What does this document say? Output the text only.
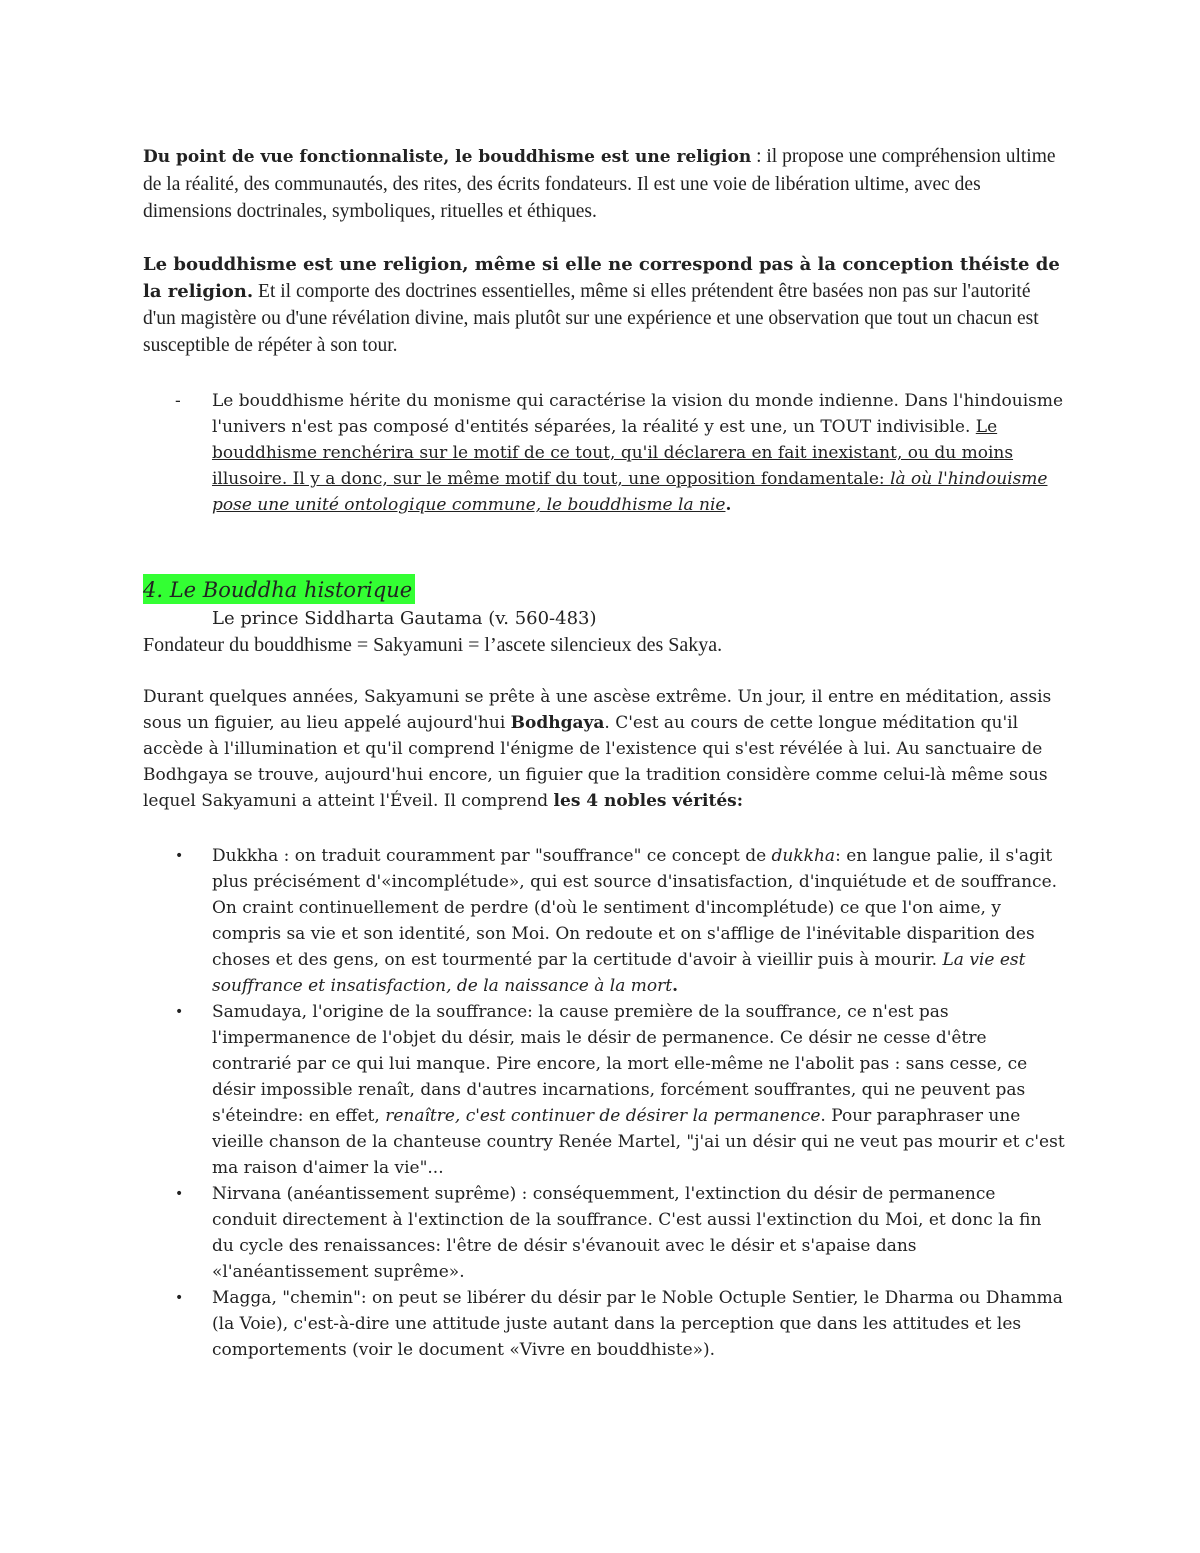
Du point de vue fonctionnaliste, le bouddhisme est une religion : il propose une compréhension ultime de la réalité, des communautés, des rites, des écrits fondateurs. Il est une voie de libération ultime, avec des dimensions doctrinales, symboliques, rituelles et éthiques.

Le bouddhisme est une religion, même si elle ne correspond pas à la conception théiste de la religion. Et il comporte des doctrines essentielles, même si elles prétendent être basées non pas sur l'autorité d'un magistère ou d'une révélation divine, mais plutôt sur une expérience et une observation que tout un chacun est susceptible de répéter à son tour.

- Le bouddhisme hérite du monisme qui caractérise la vision du monde indienne. Dans l'hindouisme l'univers n'est pas composé d'entités séparées, la réalité y est une, un TOUT indivisible. Le bouddhisme renchérira sur le motif de ce tout, qu'il déclarera en fait inexistant, ou du moins illusoire. Il y a donc, sur le même motif du tout, une opposition fondamentale: là où l'hindouisme pose une unité ontologique commune, le bouddhisme la nie.

4. Le Bouddha historique

Le prince Siddharta Gautama (v. 560-483)

Fondateur du bouddhisme = Sakyamuni = l’ascete silencieux des Sakya.

Durant quelques années, Sakyamuni se prête à une ascèse extrême. Un jour, il entre en méditation, assis sous un figuier, au lieu appelé aujourd'hui Bodhgaya. C'est au cours de cette longue méditation qu'il accède à l'illumination et qu'il comprend l'énigme de l'existence qui s'est révélée à lui. Au sanctuaire de Bodhgaya se trouve, aujourd'hui encore, un figuier que la tradition considère comme celui-là même sous lequel Sakyamuni a atteint l'Éveil. Il comprend les 4 nobles vérités:

• Dukkha : on traduit couramment par "souffrance" ce concept de dukkha: en langue palie, il s'agit plus précisément d'«incomplétude», qui est source d'insatisfaction, d'inquiétude et de souffrance. On craint continuellement de perdre (d'où le sentiment d'incomplétude) ce que l'on aime, y compris sa vie et son identité, son Moi. On redoute et on s'afflige de l'inévitable disparition des choses et des gens, on est tourmenté par la certitude d'avoir à vieillir puis à mourir. La vie est souffrance et insatisfaction, de la naissance à la mort.
• Samudaya, l'origine de la souffrance: la cause première de la souffrance, ce n'est pas l'impermanence de l'objet du désir, mais le désir de permanence. Ce désir ne cesse d'être contrarié par ce qui lui manque. Pire encore, la mort elle-même ne l'abolit pas : sans cesse, ce désir impossible renaît, dans d'autres incarnations, forcément souffrantes, qui ne peuvent pas s'éteindre: en effet, renaître, c'est continuer de désirer la permanence. Pour paraphraser une vieille chanson de la chanteuse country Renée Martel, "j'ai un désir qui ne veut pas mourir et c'est ma raison d'aimer la vie"...
• Nirvana (anéantissement suprême) : conséquemment, l'extinction du désir de permanence conduit directement à l'extinction de la souffrance. C'est aussi l'extinction du Moi, et donc la fin du cycle des renaissances: l'être de désir s'évanouit avec le désir et s'apaise dans «l'anéantissement suprême».
• Magga, "chemin": on peut se libérer du désir par le Noble Octuple Sentier, le Dharma ou Dhamma (la Voie), c'est-à-dire une attitude juste autant dans la perception que dans les attitudes et les comportements (voir le document «Vivre en bouddhiste»).
